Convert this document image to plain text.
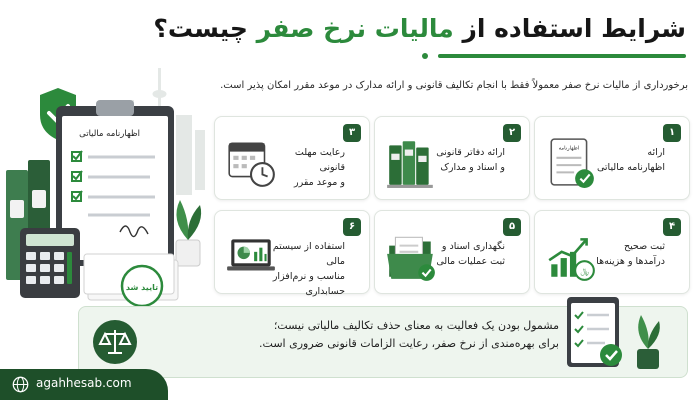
شرایط استفاده از مالیات نرخ صفر چیست؟
برخورداری از مالیات نرخ صفر معمولاً فقط با انجام تکالیف قانونی و ارائه مدارک در موعد مقرر امکان پذیر است.
اظهارنامه مالیاتی
تایید شد
۱
ارائه
اظهارنامه مالیاتی
اظهارنامه
۲
ارائه دفاتر قانونی
و اسناد و مدارک
۳
رعایت مهلت قانونی
و موعد مقرر
۴
ثبت صحیح
درآمدها و هزینه‌ها
﷼
۵
نگهداری اسناد و
ثبت عملیات مالی
۶
استفاده از سیستم مالی
مناسب و نرم‌افزار حسابداری
مشمول بودن یک فعالیت به معنای حذف تکالیف مالیاتی نیست؛
برای بهره‌مندی از نرخ صفر، رعایت الزامات قانونی ضروری است.
agahhesab.com
